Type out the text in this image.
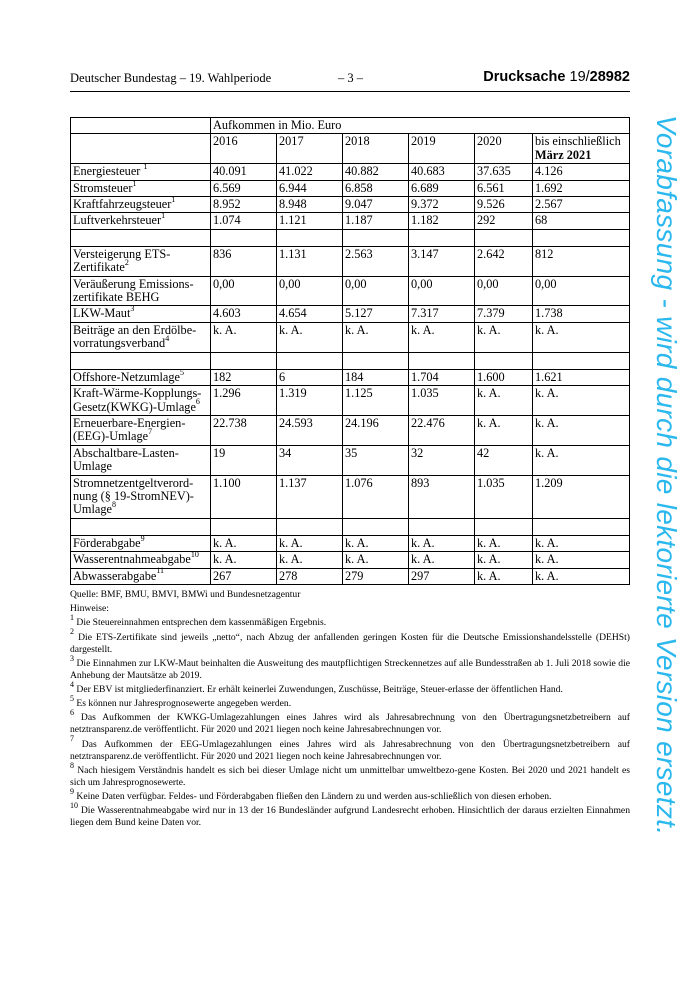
Deutscher Bundestag – 19. Wahlperiode	– 3 –	Drucksache 19/28982
	Aufkommen in Mio. Euro					
	2016	2017	2018	2019	2020	bis einschließlich
März 2021
Energiesteuer $^1$	40.091	41.022	40.882	40.683	37.635	4.126
Stromsteuer$^1$	6.569	6.944	6.858	6.689	6.561	1.692
Kraftfahrzeugsteuer$^1$	8.952	8.948	9.047	9.372	9.526	2.567
Luftverkehrsteuer$^1$	1.074	1.121	1.187	1.182	292	68

Versteigerung ETS-Zertifikate$^2$	836	1.131	2.563	3.147	2.642	812
Veräußerung Emissions-zertifikate BEHG	0,00	0,00	0,00	0,00	0,00	0,00
LKW-Maut$^3$	4.603	4.654	5.127	7.317	7.379	1.738
Beiträge an den Erdölbe-vorratungsverband$^4$	k. A.	k. A.	k. A.	k. A.	k. A.	k. A.

Offshore-Netzumlage$^5$	182	6	184	1.704	1.600	1.621
Kraft-Wärme-Kopplungs-Gesetz(KWKG)-Umlage$^6$	1.296	1.319	1.125	1.035	k. A.	k. A.
Erneuerbare-Energien-(EEG)-Umlage$^7$	22.738	24.593	24.196	22.476	k. A.	k. A.
Abschaltbare-Lasten-Umlage	19	34	35	32	42	k. A.
Stromnetzentgeltverord-nung (§ 19-StromNEV)-Umlage$^8$	1.100	1.137	1.076	893	1.035	1.209

Förderabgabe$^9$	k. A.	k. A.	k. A.	k. A.	k. A.	k. A.
Wasserentnahmeabgabe$^{10}$	k. A.	k. A.	k. A.	k. A.	k. A.	k. A.
Abwasserabgabe$^{11}$	267	278	279	297	k. A.	k. A.

Quelle: BMF, BMU, BMVI, BMWi und Bundesnetzagentur

Hinweise:

$^1$ Die Steuereinnahmen entsprechen dem kassenmäßigen Ergebnis.

$^2$ Die ETS-Zertifikate sind jeweils „netto“, nach Abzug der anfallenden geringen Kosten für die Deutsche Emissionshandelsstelle (DEHSt) dargestellt.

$^3$ Die Einnahmen zur LKW-Maut beinhalten die Ausweitung des mautpflichtigen Streckennetzes auf alle Bundesstraßen ab 1. Juli 2018 sowie die Anhebung der Mautsätze ab 2019.

$^4$ Der EBV ist mitgliederfinanziert. Er erhält keinerlei Zuwendungen, Zuschüsse, Beiträge, Steuer-erlasse der öffentlichen Hand.

$^5$ Es können nur Jahresprognosewerte angegeben werden.

$^6$ Das Aufkommen der KWKG-Umlagezahlungen eines Jahres wird als Jahresabrechnung von den Übertragungsnetzbetreibern auf netztransparenz.de veröffentlicht. Für 2020 und 2021 liegen noch keine Jahresabrechnungen vor.

$^7$ Das Aufkommen der EEG-Umlagezahlungen eines Jahres wird als Jahresabrechnung von den Übertragungsnetzbetreibern auf netztransparenz.de veröffentlicht. Für 2020 und 2021 liegen noch keine Jahresabrechnungen vor.

$^8$ Nach hiesigem Verständnis handelt es sich bei dieser Umlage nicht um unmittelbar umweltbezo-gene Kosten. Bei 2020 und 2021 handelt es sich um Jahresprognosewerte.

$^9$ Keine Daten verfügbar. Feldes- und Förderabgaben fließen den Ländern zu und werden aus-schließlich von diesen erhoben.

$^{10}$ Die Wasserentnahmeabgabe wird nur in 13 der 16 Bundesländer aufgrund Landesrecht erhoben. Hinsichtlich der daraus erzielten Einnahmen liegen dem Bund keine Daten vor.	Vorabfassung - wird durch die lektorierte Version ersetzt.
